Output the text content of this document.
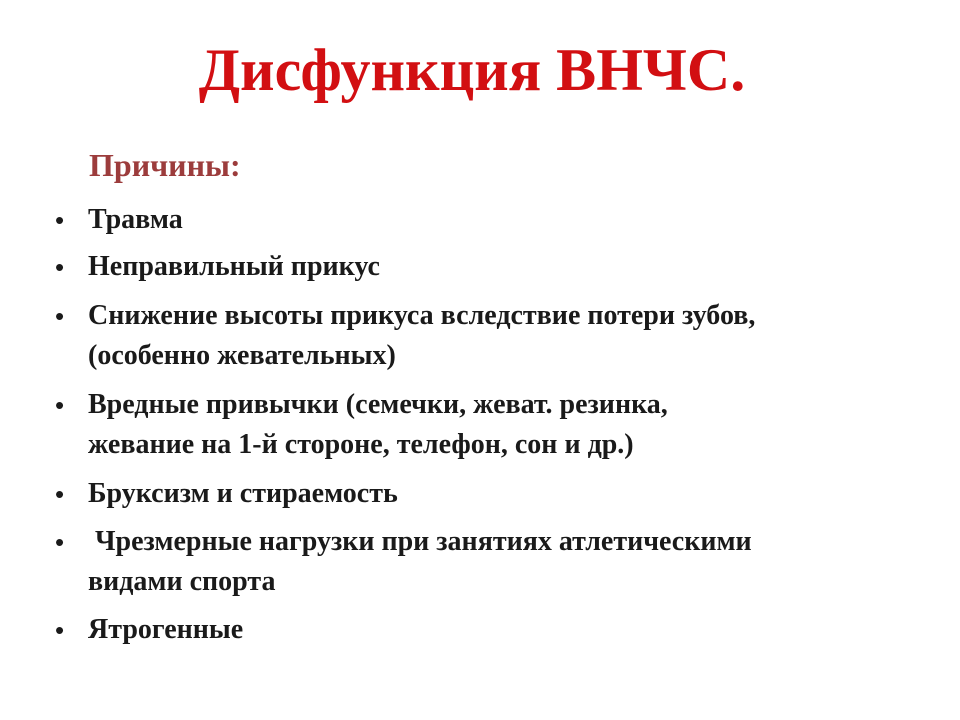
Дисфункция ВНЧС.
Причины:
• Травма
• Неправильный прикус
• Снижение высоты прикуса вследствие потери зубов,
(особенно жевательных)
• Вредные привычки (семечки, жеват. резинка,
жевание на 1-й стороне, телефон, сон и др.)
• Бруксизм и стираемость
• Чрезмерные нагрузки при занятиях атлетическими
видами спорта
• Ятрогенные
